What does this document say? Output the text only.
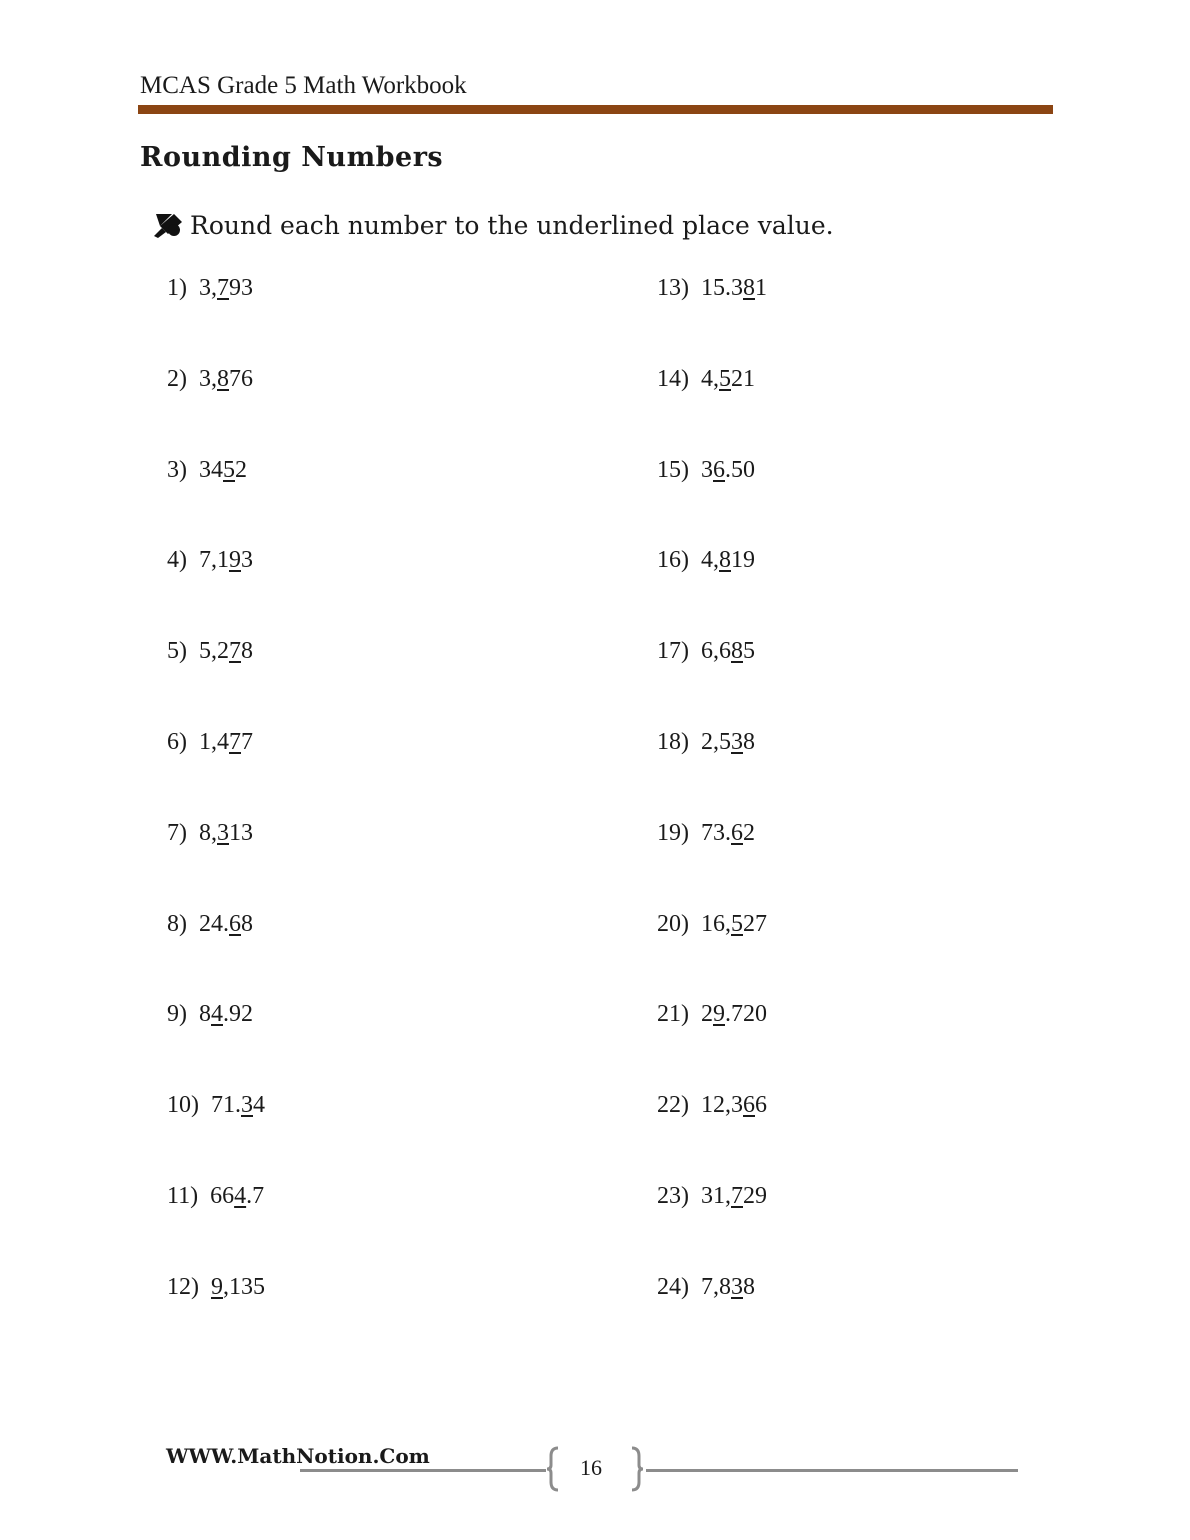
MCAS Grade 5 Math Workbook
Rounding Numbers
Round each number to the underlined place value.
1) 3,793
2) 3,876
3) 3452
4) 7,193
5) 5,278
6) 1,477
7) 8,313
8) 24.68
9) 84.92
10) 71.34
11) 664.7
12) 9,135
13) 15.381
14) 4,521
15) 36.50
16) 4,819
17) 6,685
18) 2,538
19) 73.62
20) 16,527
21) 29.720
22) 12,366
23) 31,729
24) 7,838
WWW.MathNotion.Com	16
